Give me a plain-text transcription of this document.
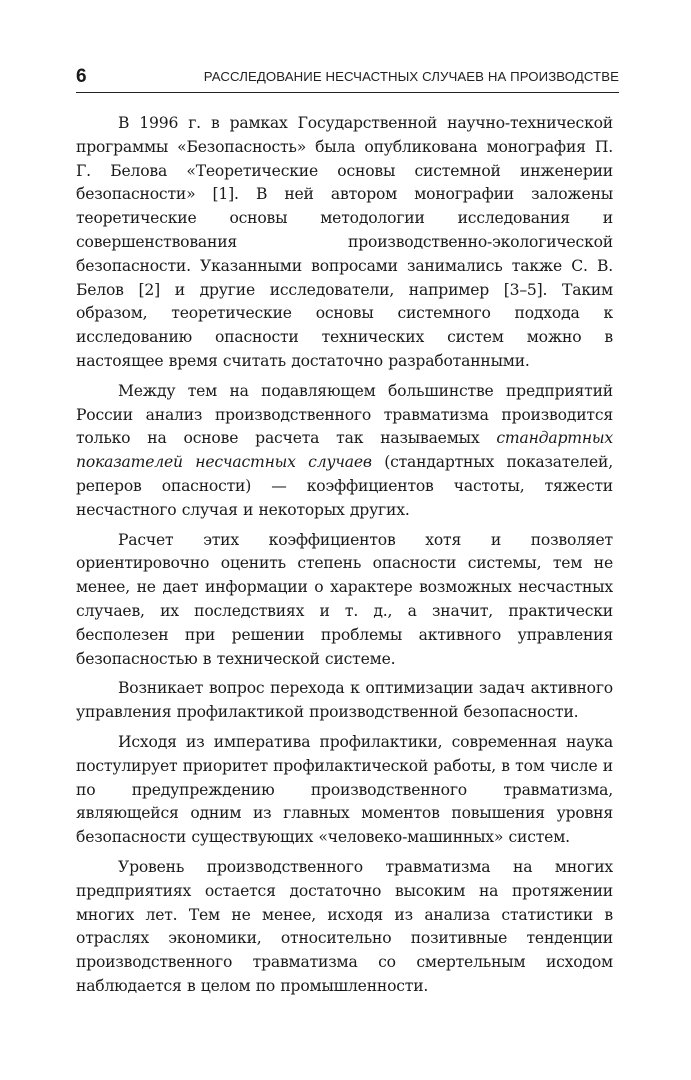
6	РАССЛЕДОВАНИЕ НЕСЧАСТНЫХ СЛУЧАЕВ НА ПРОИЗВОДСТВЕ

В 1996 г. в рамках Государственной научно-технической программы «Безопасность» была опубликована монография П. Г. Белова «Теоретические основы системной инженерии безопасности» [1]. В ней автором монографии заложены теоретические основы методологии исследования и совершенствования производственно-экологической безопасности. Указанными вопросами занимались также С. В. Белов [2] и другие исследователи, например [3–5]. Таким образом, теоретические основы системного подхода к исследованию опасности технических систем можно в настоящее время считать достаточно разработанными.

Между тем на подавляющем большинстве предприятий России анализ производственного травматизма производится только на основе расчета так называемых стандартных показателей несчастных случаев (стандартных показателей, реперов опасности) — коэффициентов частоты, тяжести несчастного случая и некоторых других.

Расчет этих коэффициентов хотя и позволяет ориентировочно оценить степень опасности системы, тем не менее, не дает информации о характере возможных несчастных случаев, их последствиях и т. д., а значит, практически бесполезен при решении проблемы активного управления безопасностью в технической системе.

Возникает вопрос перехода к оптимизации задач активного управления профилактикой производственной безопасности.

Исходя из императива профилактики, современная наука постулирует приоритет профилактической работы, в том числе и по предупреждению производственного травматизма, являющейся одним из главных моментов повышения уровня безопасности существующих «человеко-машинных» систем.

Уровень производственного травматизма на многих предприятиях остается достаточно высоким на протяжении многих лет. Тем не менее, исходя из анализа статистики в отраслях экономики, относительно позитивные тенденции производственного травматизма со смертельным исходом наблюдается в целом по промышленности.
